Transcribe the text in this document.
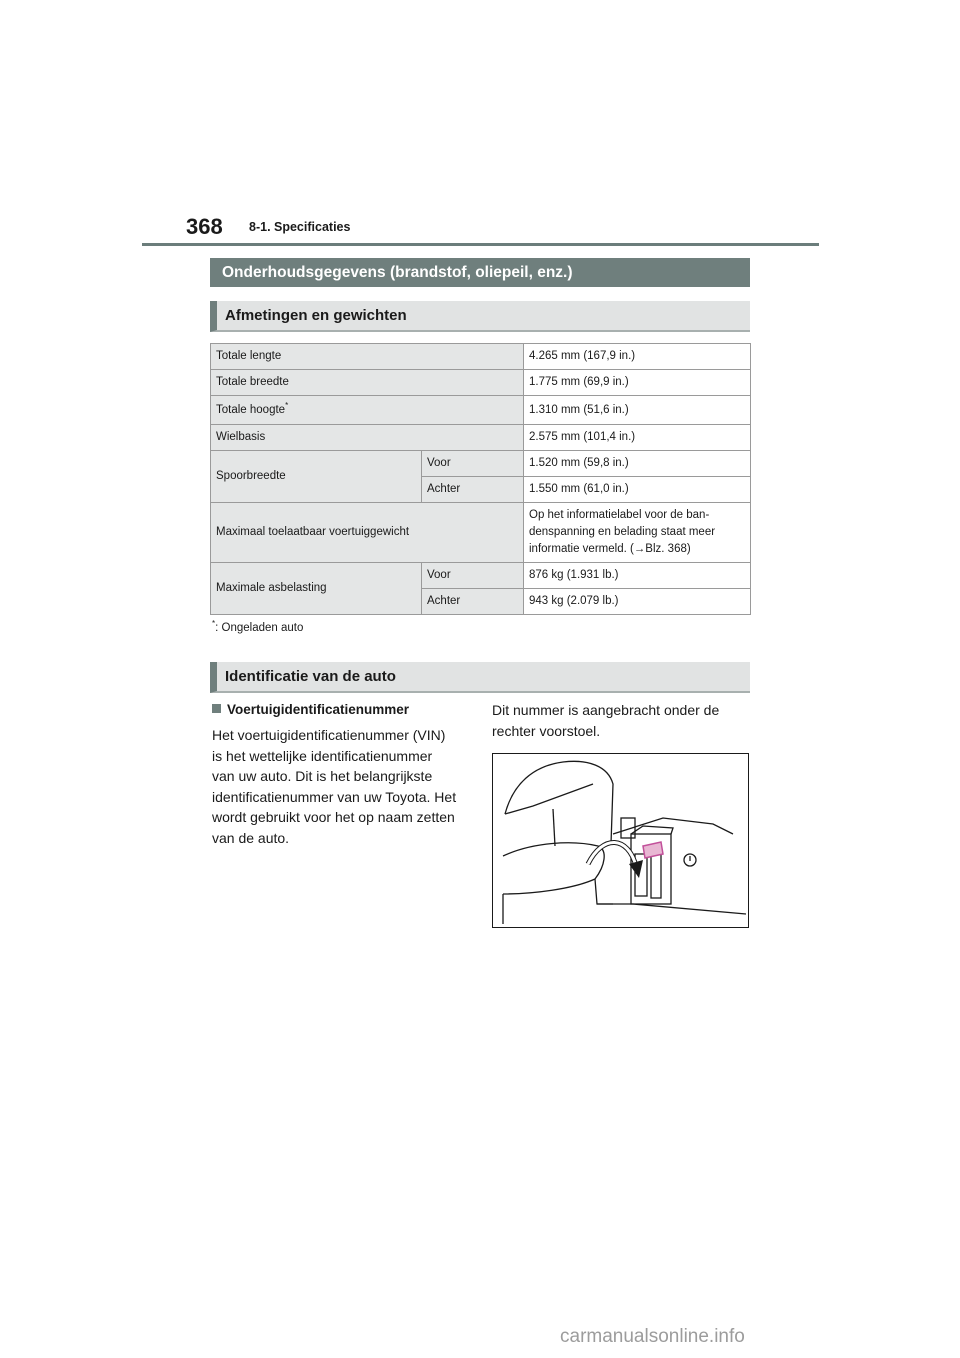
368 8-1. Specificaties
Onderhoudsgegevens (brandstof, oliepeil, enz.)
Afmetingen en gewichten
Totale lengte		4.265 mm (167,9 in.)
Totale breedte		1.775 mm (69,9 in.)
Totale hoogte*		1.310 mm (51,6 in.)
Wielbasis		2.575 mm (101,4 in.)
Spoorbreedte	Voor	1.520 mm (59,8 in.)
	Achter	1.550 mm (61,0 in.)
Maximaal toelaatbaar voertuiggewicht		Op het informatielabel voor de ban-
denspanning en belading staat meer
informatie vermeld. (→Blz. 368)

Maximale asbelasting	Voor	876 kg (1.931 lb.)
	Achter	943 kg (2.079 lb.)
*: Ongeladen auto
Identificatie van de auto
Voertuigidentificatienummer
Het voertuigidentificatienummer (VIN)
is het wettelijke identificatienummer
van uw auto. Dit is het belangrijkste
identificatienummer van uw Toyota. Het
wordt gebruikt voor het op naam zetten
van de auto.
Dit nummer is aangebracht onder de
rechter voorstoel.
carmanualsonline.info
